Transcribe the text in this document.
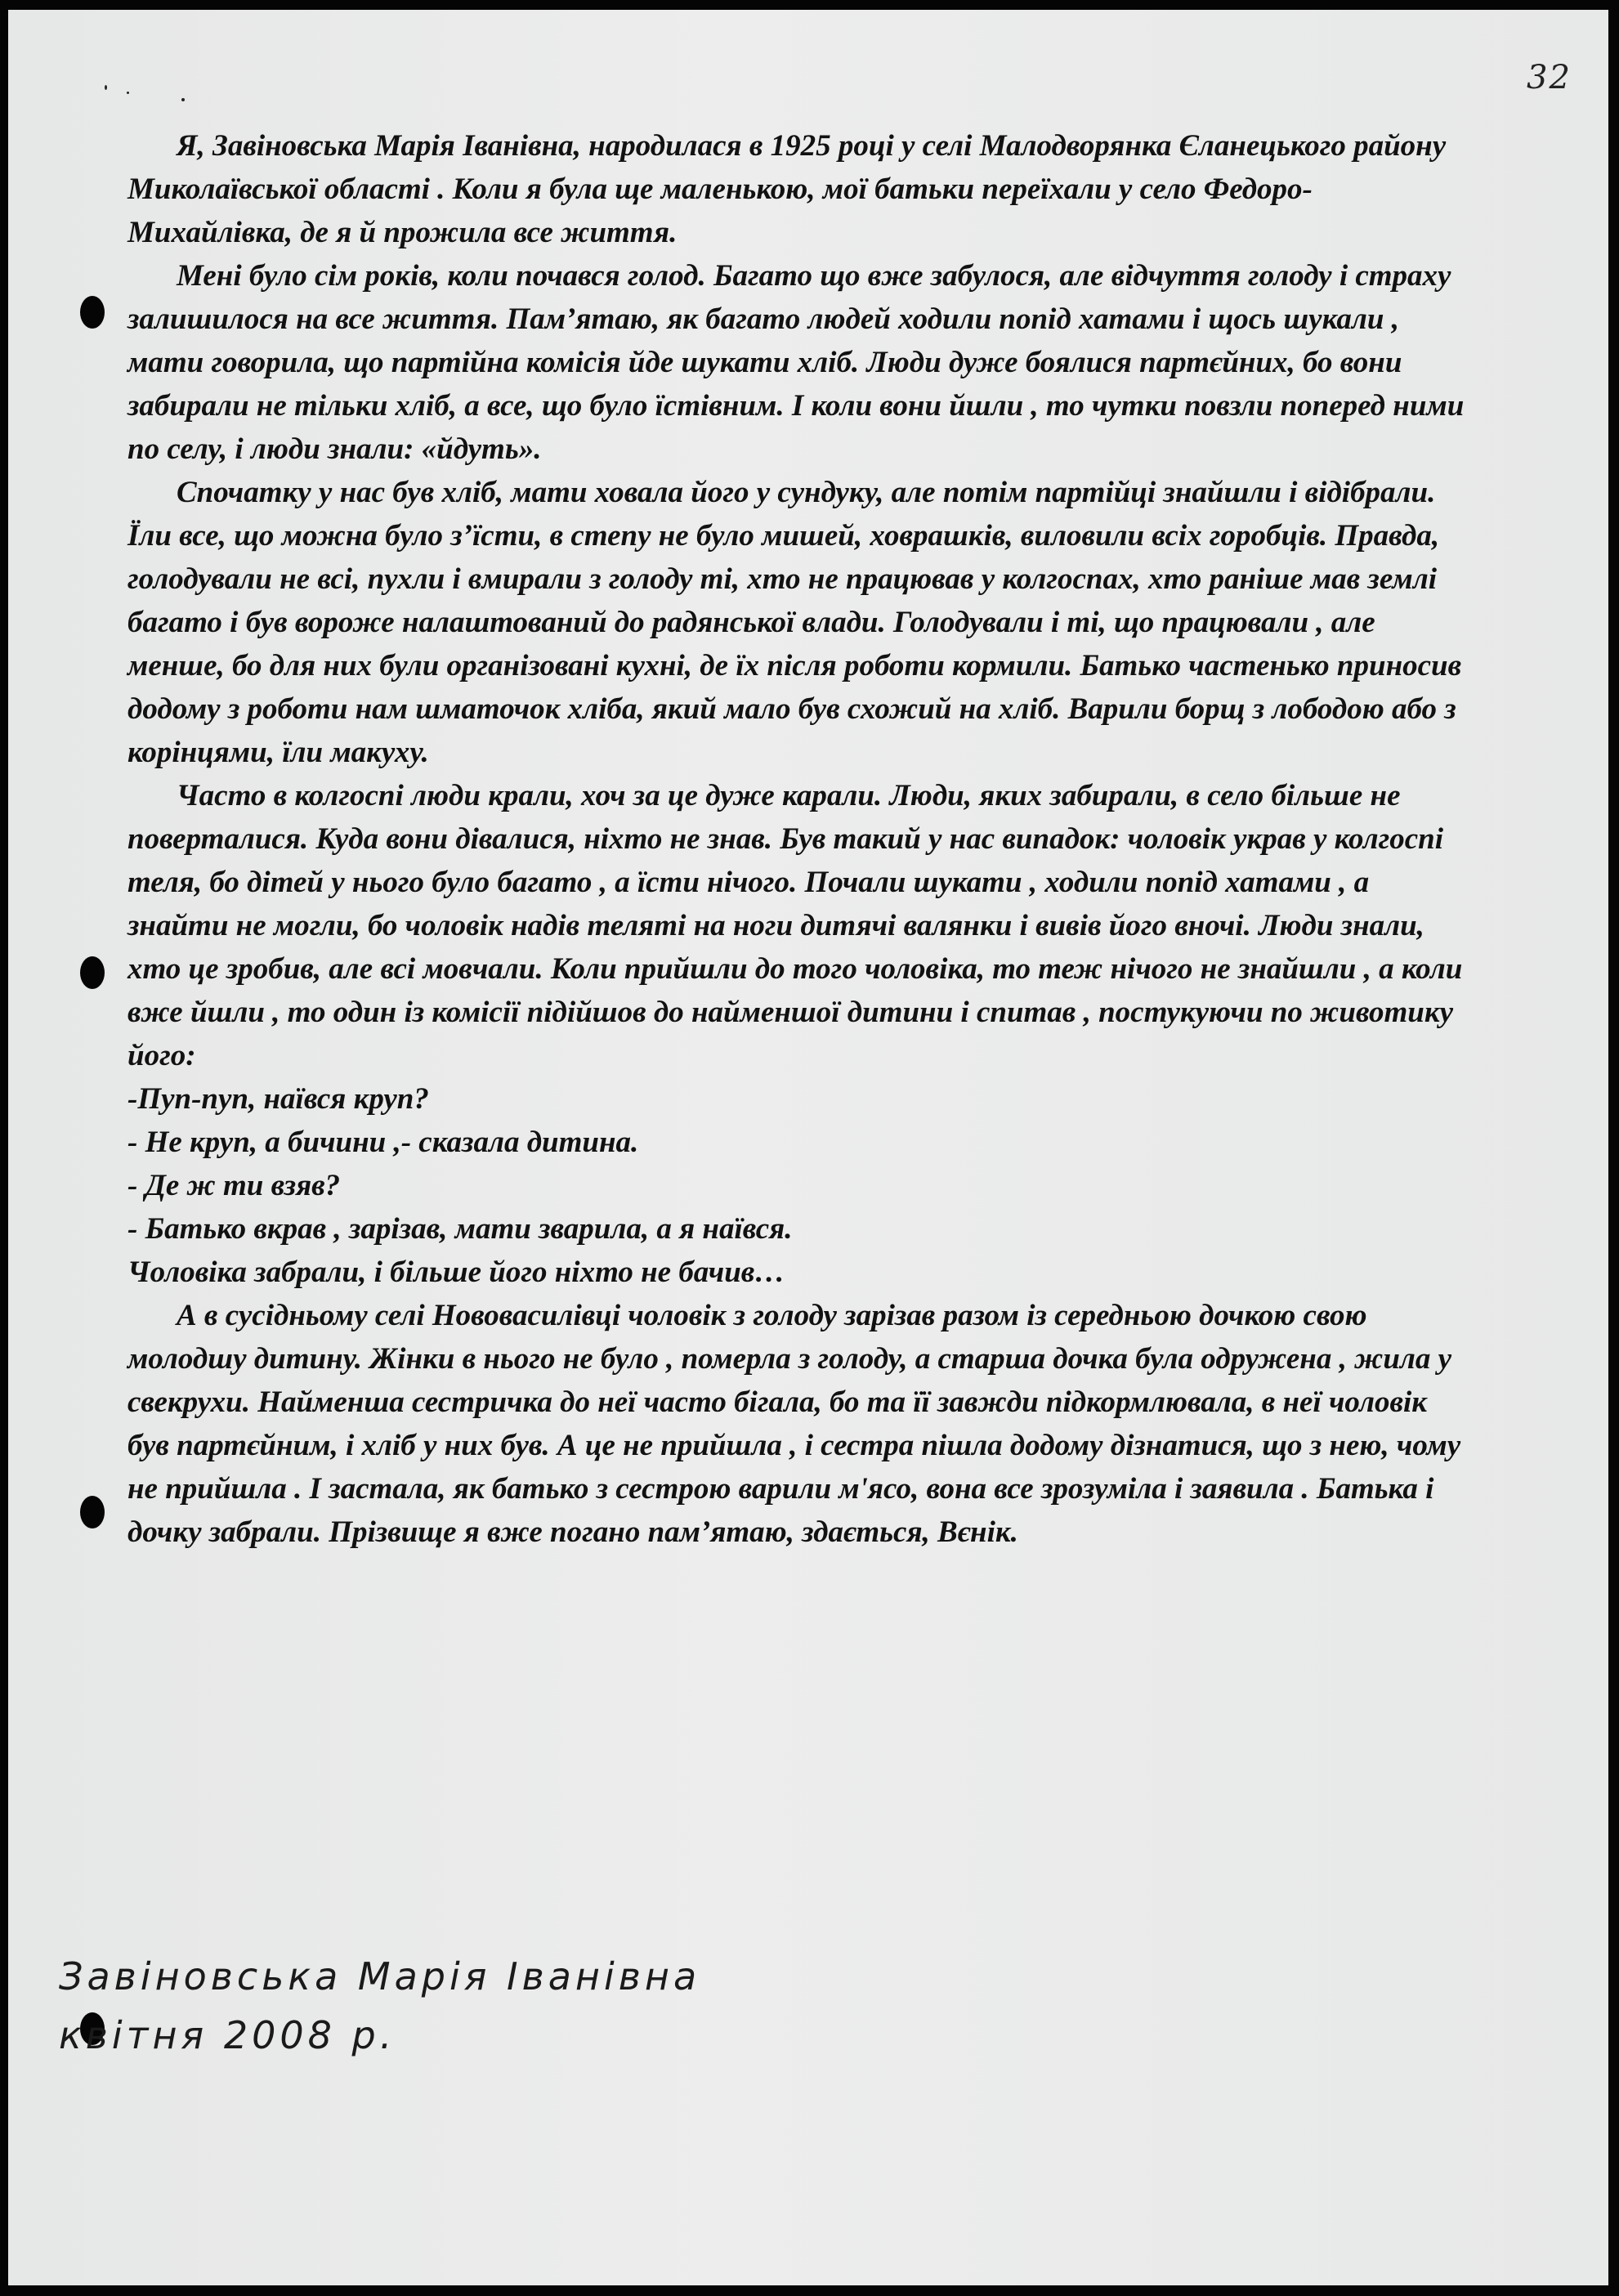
32

Я, Завіновська Марія Іванівна, народилася в 1925 році у селі Малодворянка Єланецького району Миколаївської області . Коли я була ще маленькою, мої батьки переїхали у село Федоро-Михайлівка, де я й прожила все життя.

Мені було сім років, коли почався голод. Багато що вже забулося, але відчуття голоду і страху залишилося на все життя. Пам’ятаю, як багато людей ходили попід хатами і щось шукали , мати говорила, що партійна комісія йде шукати хліб. Люди дуже боялися партєйних, бо вони забирали не тільки хліб, а все, що було їстівним. І коли вони йшли , то чутки повзли поперед ними по селу, і люди знали: «йдуть».

Спочатку у нас був хліб, мати ховала його у сундуку, але потім партійці знайшли і відібрали. Їли все, що можна було з’їсти, в степу не було мишей, ховрашків, виловили всіх горобців. Правда, голодували не всі, пухли і вмирали з голоду ті, хто не працював у колгоспах, хто раніше мав землі багато і був вороже налаштований до радянської влади. Голодували і ті, що працювали , але менше, бо для них були організовані кухні, де їх після роботи кормили. Батько частенько приносив додому з роботи нам шматочок хліба, який мало був схожий на хліб. Варили борщ з лободою або з корінцями, їли макуху.

Часто в колгоспі люди крали, хоч за це дуже карали. Люди, яких забирали, в село більше не поверталися. Куда вони дівалися, ніхто не знав. Був такий у нас випадок: чоловік украв у колгоспі теля, бо дітей у нього було багато , а їсти нічого. Почали шукати , ходили попід хатами , а знайти не могли, бо чоловік надів теляті на ноги дитячі валянки і вивів його вночі. Люди знали, хто це зробив, але всі мовчали. Коли прийшли до того чоловіка, то теж нічого не знайшли , а коли вже йшли , то один із комісії підійшов до найменшої дитини і спитав , постукуючи по животику його:

-Пуп-пуп, наївся круп?

- Не круп, а бичини ,- сказала дитина.

- Де ж ти взяв?

- Батько вкрав , зарізав, мати зварила, а я наївся.

Чоловіка забрали, і більше його ніхто не бачив…

А в сусідньому селі Нововасилівці чоловік з голоду зарізав разом із середньою дочкою свою молодшу дитину. Жінки в нього не було , померла з голоду, а старша дочка була одружена , жила у свекрухи. Найменша сестричка до неї часто бігала, бо та її завжди підкормлювала, в неї чоловік був партєйним, і хліб у них був. А це не прийшла , і сестра пішла додому дізнатися, що з нею, чому не прийшла . І застала, як батько з сестрою варили м'ясо, вона все зрозуміла і заявила . Батька і дочку забрали. Прізвище я вже погано пам’ятаю, здається, Вєнік.

Завіновська Марія Іванівна
квітня 2008 р.
